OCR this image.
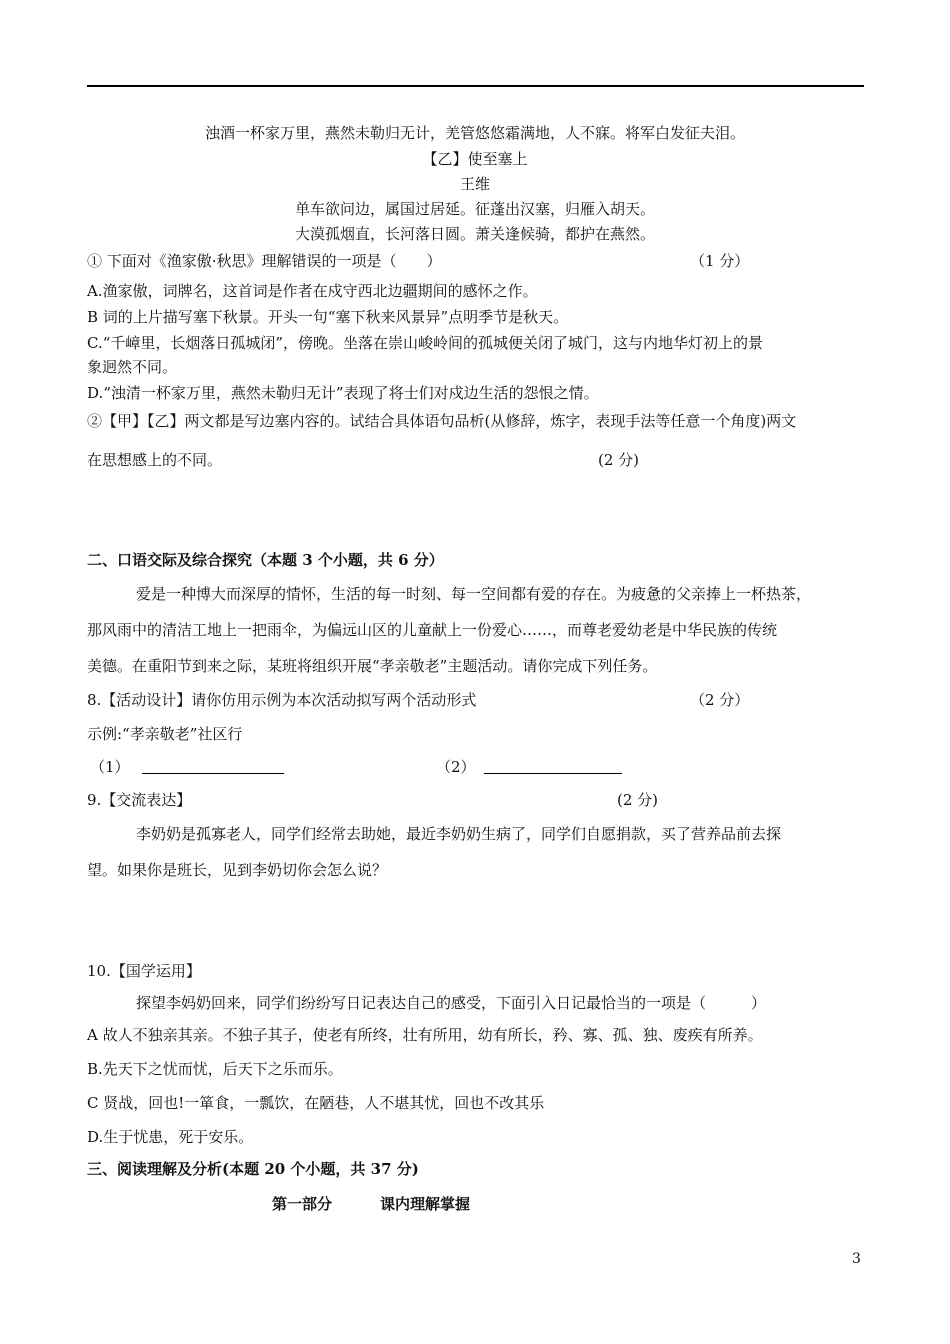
浊酒一杯家万里，燕然未勒归无计，羌管悠悠霜满地，人不寐。将军白发征夫泪。
【乙】使至塞上
王维
单车欲问边，属国过居延。征蓬出汉塞，归雁入胡天。
大漠孤烟直，长河落日圆。萧关逢候骑，都护在燕然。
① 下面对《渔家傲·秋思》理解错误的一项是（　　）	（1 分）
A.渔家傲，词牌名，这首词是作者在戍守西北边疆期间的感怀之作。
B 词的上片描写塞下秋景。开头一句“塞下秋来风景异”点明季节是秋天。
C.“千嶂里，长烟落日孤城闭”，傍晚。坐落在崇山峻岭间的孤城便关闭了城门，这与内地华灯初上的景
象迥然不同。
D.“浊清一杯家万里，燕然未勒归无计”表现了将士们对戍边生活的怨恨之情。
②【甲】【乙】两文都是写边塞内容的。试结合具体语句品析(从修辞，炼字，表现手法等任意一个角度)两文
在思想感上的不同。	(2 分)
二、口语交际及综合探究（本题 3 个小题，共 6 分）
爱是一种博大而深厚的情怀，生活的每一时刻、每一空间都有爱的存在。为疲惫的父亲捧上一杯热茶，
那风雨中的清洁工地上一把雨伞，为偏远山区的儿童献上一份爱心……，而尊老爱幼老是中华民族的传统
美德。在重阳节到来之际，某班将组织开展“孝亲敬老”主题活动。请你完成下列任务。
8.【活动设计】请你仿用示例为本次活动拟写两个活动形式	（2 分）
示例:“孝亲敬老”社区行
（1）	（2）
9.【交流表达】	(2 分)
李奶奶是孤寡老人，同学们经常去助她，最近李奶奶生病了，同学们自愿捐款，买了营养品前去探
望。如果你是班长，见到李奶切你会怎么说？
10.【国学运用】
探望李妈奶回来，同学们纷纷写日记表达自己的感受，下面引入日记最恰当的一项是（　　　）
A 故人不独亲其亲。不独子其子，使老有所终，壮有所用，幼有所长，矜、寡、孤、独、废疾有所养。
B.先天下之忧而忧，后天下之乐而乐。
C 贤战，回也!一箪食，一瓢饮，在陋巷，人不堪其忧，回也不改其乐
D.生于忧患，死于安乐。
三、阅读理解及分析(本题 20 个小题，共 37 分)
第一部分	课内理解掌握
3
